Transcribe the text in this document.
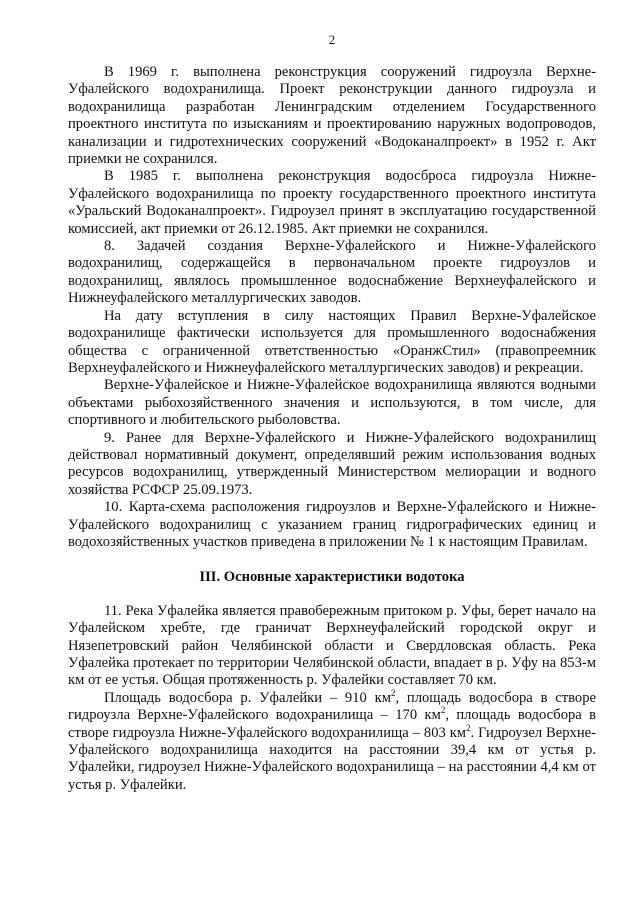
2

В 1969 г. выполнена реконструкция сооружений гидроузла Верхне-Уфалейского водохранилища. Проект реконструкции данного гидроузла и водохранилища разработан Ленинградским отделением Государственного проектного института по изысканиям и проектированию наружных водопроводов, канализации и гидротехнических сооружений «Водоканалпроект» в 1952 г. Акт приемки не сохранился.

В 1985 г. выполнена реконструкция водосброса гидроузла Нижне-Уфалейского водохранилища по проекту государственного проектного института «Уральский Водоканалпроект». Гидроузел принят в эксплуатацию государственной комиссией, акт приемки от 26.12.1985. Акт приемки не сохранился.

8. Задачей создания Верхне-Уфалейского и Нижне-Уфалейского водохранилищ, содержащейся в первоначальном проекте гидроузлов и водохранилищ, являлось промышленное водоснабжение Верхнеуфалейского и Нижнеуфалейского металлургических заводов.

На дату вступления в силу настоящих Правил Верхне-Уфалейское водохранилище фактически используется для промышленного водоснабжения общества с ограниченной ответственностью «ОранжСтил» (правопреемник Верхнеуфалейского и Нижнеуфалейского металлургических заводов) и рекреации.

Верхне-Уфалейское и Нижне-Уфалейское водохранилища являются водными объектами рыбохозяйственного значения и используются, в том числе, для спортивного и любительского рыболовства.

9. Ранее для Верхне-Уфалейского и Нижне-Уфалейского водохранилищ действовал нормативный документ, определявший режим использования водных ресурсов водохранилищ, утвержденный Министерством мелиорации и водного хозяйства РСФСР 25.09.1973.

10. Карта-схема расположения гидроузлов и Верхне-Уфалейского и Нижне-Уфалейского водохранилищ с указанием границ гидрографических единиц и водохозяйственных участков приведена в приложении № 1 к настоящим Правилам.

III. Основные характеристики водотока

11. Река Уфалейка является правобережным притоком р. Уфы, берет начало на Уфалейском хребте, где граничат Верхнеуфалейский городской округ и Нязепетровский район Челябинской области и Свердловская область. Река Уфалейка протекает по территории Челябинской области, впадает в р. Уфу на 853-м км от ее устья. Общая протяженность р. Уфалейки составляет 70 км.

Площадь водосбора р. Уфалейки – 910 $км^2$, площадь водосбора в створе гидроузла Верхне-Уфалейского водохранилища – 170 $км^2$, площадь водосбора в створе гидроузла Нижне-Уфалейского водохранилища – 803 $км^2$. Гидроузел Верхне-Уфалейского водохранилища находится на расстоянии 39,4 км от устья р. Уфалейки, гидроузел Нижне-Уфалейского водохранилища – на расстоянии 4,4 км от устья р. Уфалейки.
